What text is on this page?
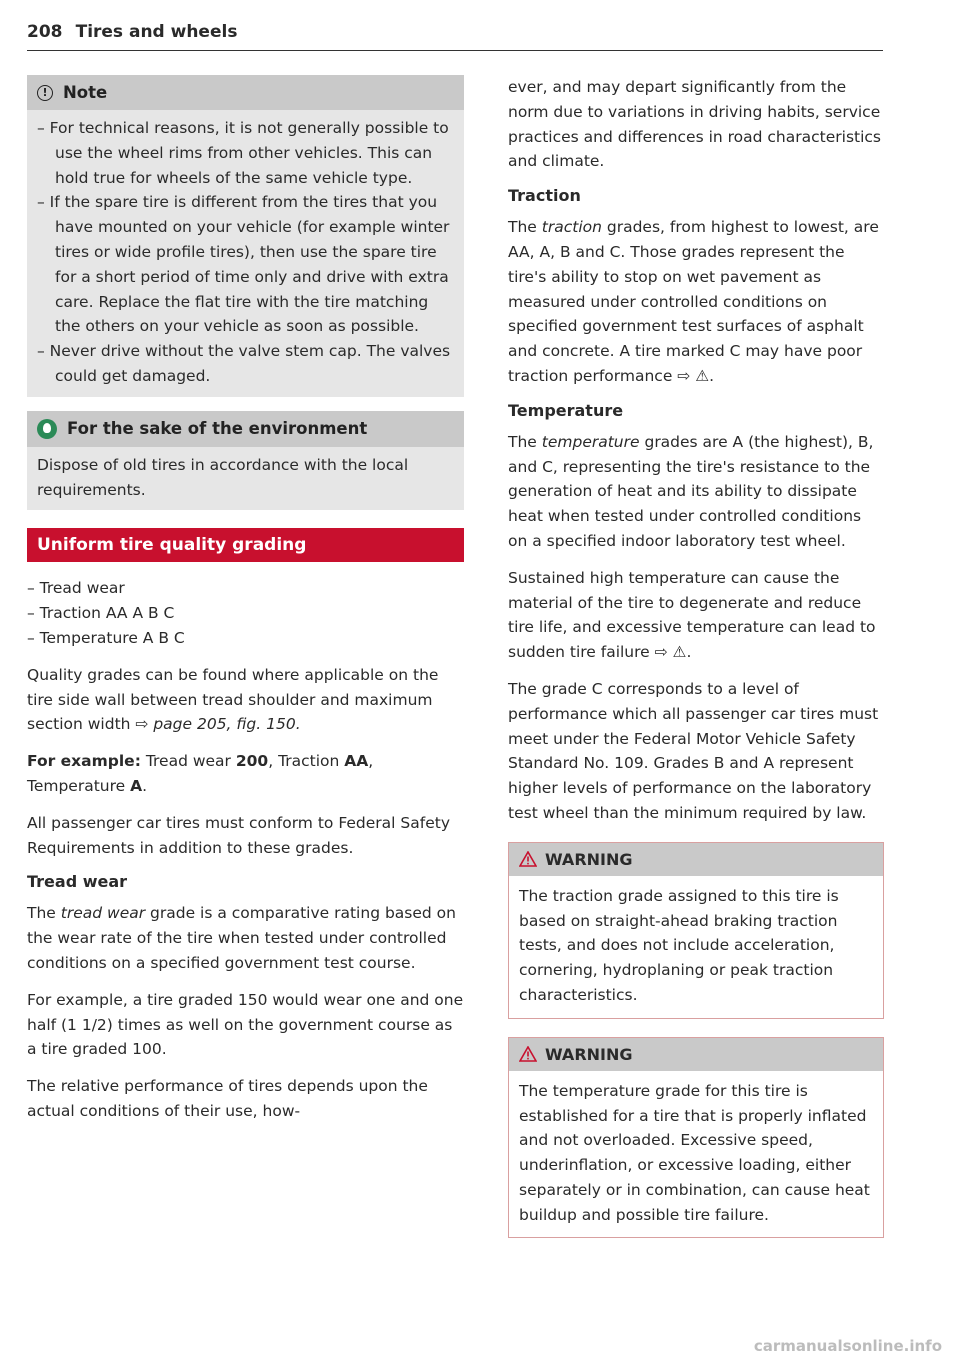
208 Tires and wheels
! Note
– For technical reasons, it is not generally possible to use the wheel rims from other vehicles. This can hold true for wheels of the same vehicle type.
– If the spare tire is different from the tires that you have mounted on your vehicle (for example winter tires or wide profile tires), then use the spare tire for a short period of time only and drive with extra care. Replace the flat tire with the tire matching the others on your vehicle as soon as possible.
– Never drive without the valve stem cap. The valves could get damaged.
For the sake of the environment

Dispose of old tires in accordance with the local requirements.

Uniform tire quality grading
– Tread wear
– Traction AA A B C
– Temperature A B C

Quality grades can be found where applicable on the tire side wall between tread shoulder and maximum section width ⇨ page 205, fig. 150.

For example: Tread wear 200, Traction AA, Temperature A.

All passenger car tires must conform to Federal Safety Requirements in addition to these grades.

Tread wear

The tread wear grade is a comparative rating based on the wear rate of the tire when tested under controlled conditions on a specified government test course.

For example, a tire graded 150 would wear one and one half (1 1/2) times as well on the government course as a tire graded 100.

The relative performance of tires depends upon the actual conditions of their use, how-

ever, and may depart significantly from the norm due to variations in driving habits, service practices and differences in road characteristics and climate.

Traction

The traction grades, from highest to lowest, are AA, A, B and C. Those grades represent the tire's ability to stop on wet pavement as measured under controlled conditions on specified government test surfaces of asphalt and concrete. A tire marked C may have poor traction performance ⇨ ⚠.

Temperature

The temperature grades are A (the highest), B, and C, representing the tire's resistance to the generation of heat and its ability to dissipate heat when tested under controlled conditions on a specified indoor laboratory test wheel.

Sustained high temperature can cause the material of the tire to degenerate and reduce tire life, and excessive temperature can lead to sudden tire failure ⇨ ⚠.

The grade C corresponds to a level of performance which all passenger car tires must meet under the Federal Motor Vehicle Safety Standard No. 109. Grades B and A represent higher levels of performance on the laboratory test wheel than the minimum required by law.

WARNING

The traction grade assigned to this tire is based on straight-ahead braking traction tests, and does not include acceleration, cornering, hydroplaning or peak traction characteristics.

WARNING

The temperature grade for this tire is established for a tire that is properly inflated and not overloaded. Excessive speed, underinflation, or excessive loading, either separately or in combination, can cause heat buildup and possible tire failure.

carmanualsonline.info
